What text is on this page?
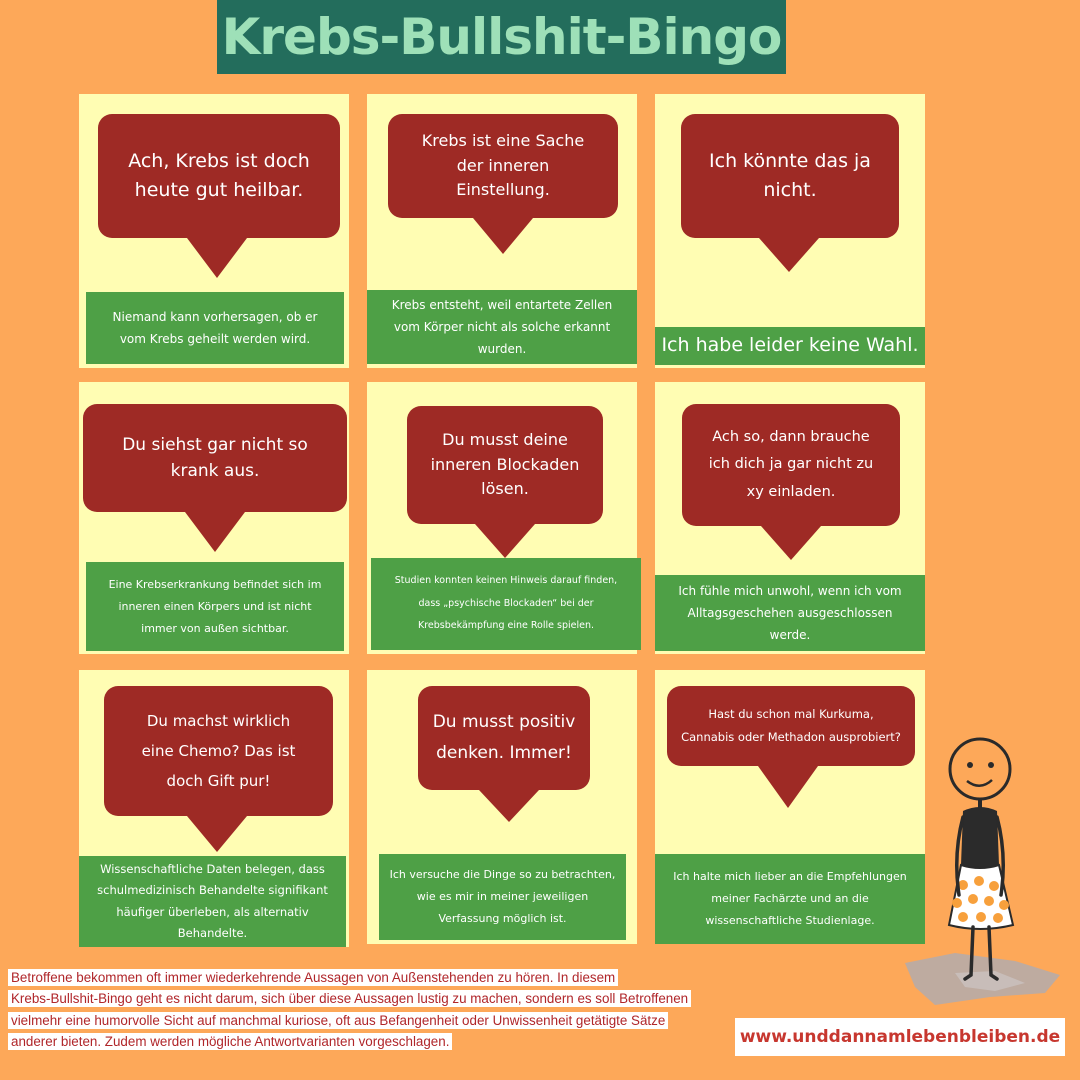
Krebs-Bullshit-Bingo
Ach, Krebs ist doch heute gut heilbar.
Niemand kann vorhersagen, ob er vom Krebs geheilt werden wird.
Krebs ist eine Sache der inneren Einstellung.
Krebs entsteht, weil entartete Zellen vom Körper nicht als solche erkannt wurden.
Ich könnte das ja nicht.
Ich habe leider keine Wahl.
Du siehst gar nicht so krank aus.
Eine Krebserkrankung befindet sich im inneren einen Körpers und ist nicht immer von außen sichtbar.
Du musst deine inneren Blockaden lösen.
Studien konnten keinen Hinweis darauf finden, dass „psychische Blockaden“ bei der Krebsbekämpfung eine Rolle spielen.
Ach so, dann brauche ich dich ja gar nicht zu xy einladen.
Ich fühle mich unwohl, wenn ich vom Alltagsgeschehen ausgeschlossen werde.
Du machst wirklich eine Chemo? Das ist doch Gift pur!
Wissenschaftliche Daten belegen, dass schulmedizinisch Behandelte signifikant häufiger überleben, als alternativ Behandelte.
Du musst positiv denken. Immer!
Ich versuche die Dinge so zu betrachten, wie es mir in meiner jeweiligen Verfassung möglich ist.
Hast du schon mal Kurkuma, Cannabis oder Methadon ausprobiert?
Ich halte mich lieber an die Empfehlungen meiner Fachärzte und an die wissenschaftliche Studienlage.
Betroffene bekommen oft immer wiederkehrende Aussagen von Außenstehenden zu hören. In diesem
Krebs-Bullshit-Bingo geht es nicht darum, sich über diese Aussagen lustig zu machen, sondern es soll Betroffenen
vielmehr eine humorvolle Sicht auf manchmal kuriose, oft aus Befangenheit oder Unwissenheit getätigte Sätze
anderer bieten. Zudem werden mögliche Antwortvarianten vorgeschlagen.	www.unddannamlebenbleiben.de
